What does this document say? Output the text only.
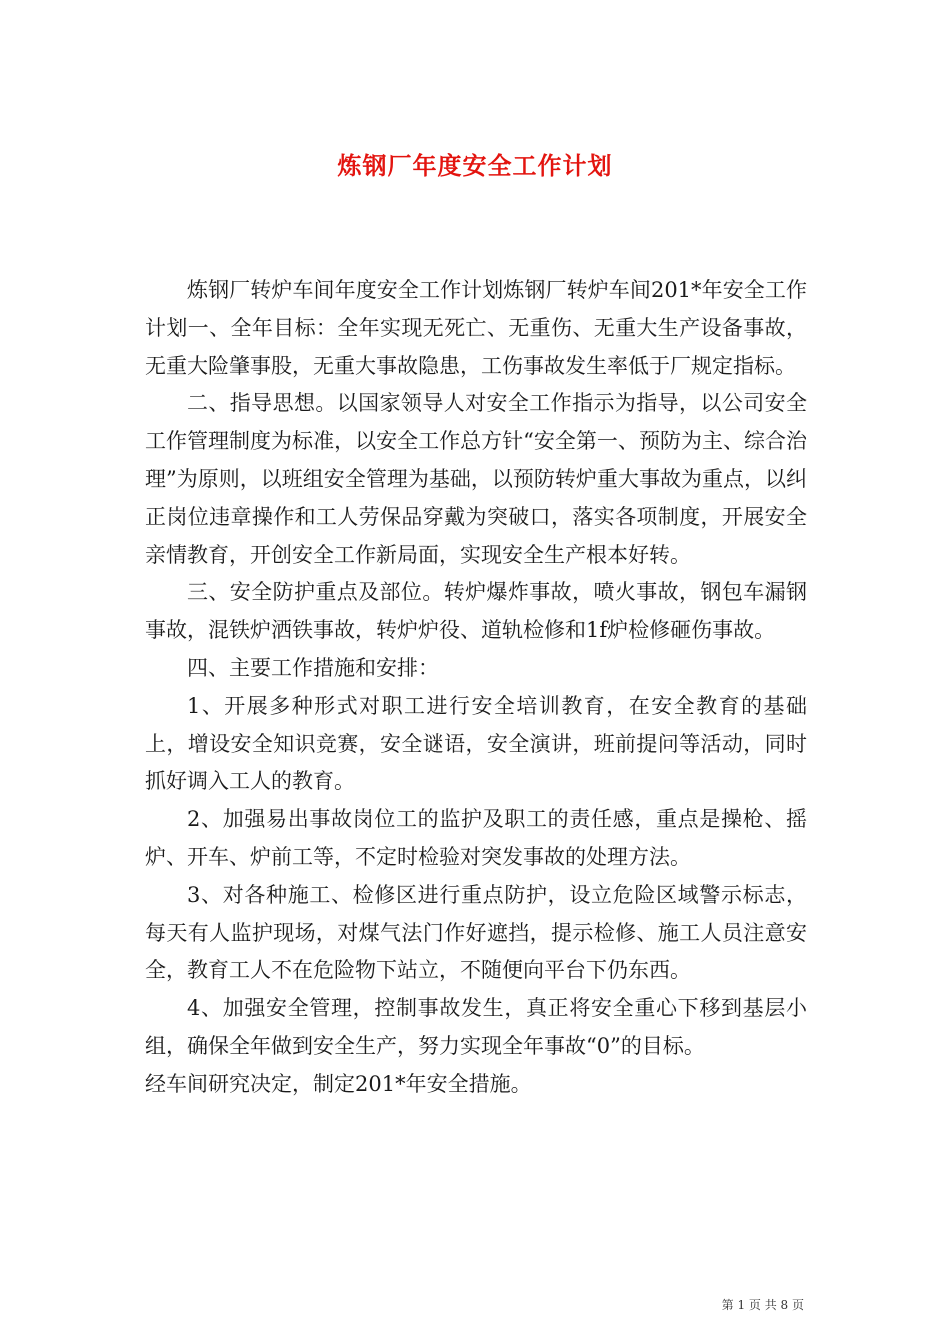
炼钢厂年度安全工作计划

炼钢厂转炉车间年度安全工作计划炼钢厂转炉车间201*年安全工作计划一、全年目标：全年实现无死亡、无重伤、无重大生产设备事故，无重大险肇事股，无重大事故隐患，工伤事故发生率低于厂规定指标。

二、指导思想。以国家领导人对安全工作指示为指导，以公司安全工作管理制度为标准，以安全工作总方针“安全第一、预防为主、综合治理”为原则，以班组安全管理为基础，以预防转炉重大事故为重点，以纠正岗位违章操作和工人劳保品穿戴为突破口，落实各项制度，开展安全亲情教育，开创安全工作新局面，实现安全生产根本好转。

三、安全防护重点及部位。转炉爆炸事故，喷火事故，钢包车漏钢事故，混铁炉洒铁事故，转炉炉役、道轨检修和1f炉检修砸伤事故。

四、主要工作措施和安排：

1、开展多种形式对职工进行安全培训教育，在安全教育的基础上，增设安全知识竞赛，安全谜语，安全演讲，班前提问等活动，同时抓好调入工人的教育。

2、加强易出事故岗位工的监护及职工的责任感，重点是操枪、摇炉、开车、炉前工等，不定时检验对突发事故的处理方法。

3、对各种施工、检修区进行重点防护，设立危险区域警示标志，每天有人监护现场，对煤气法门作好遮挡，提示检修、施工人员注意安全，教育工人不在危险物下站立，不随便向平台下仍东西。

4、加强安全管理，控制事故发生，真正将安全重心下移到基层小组，确保全年做到安全生产，努力实现全年事故“0”的目标。

经车间研究决定，制定201*年安全措施。

第 1 页 共 8 页
